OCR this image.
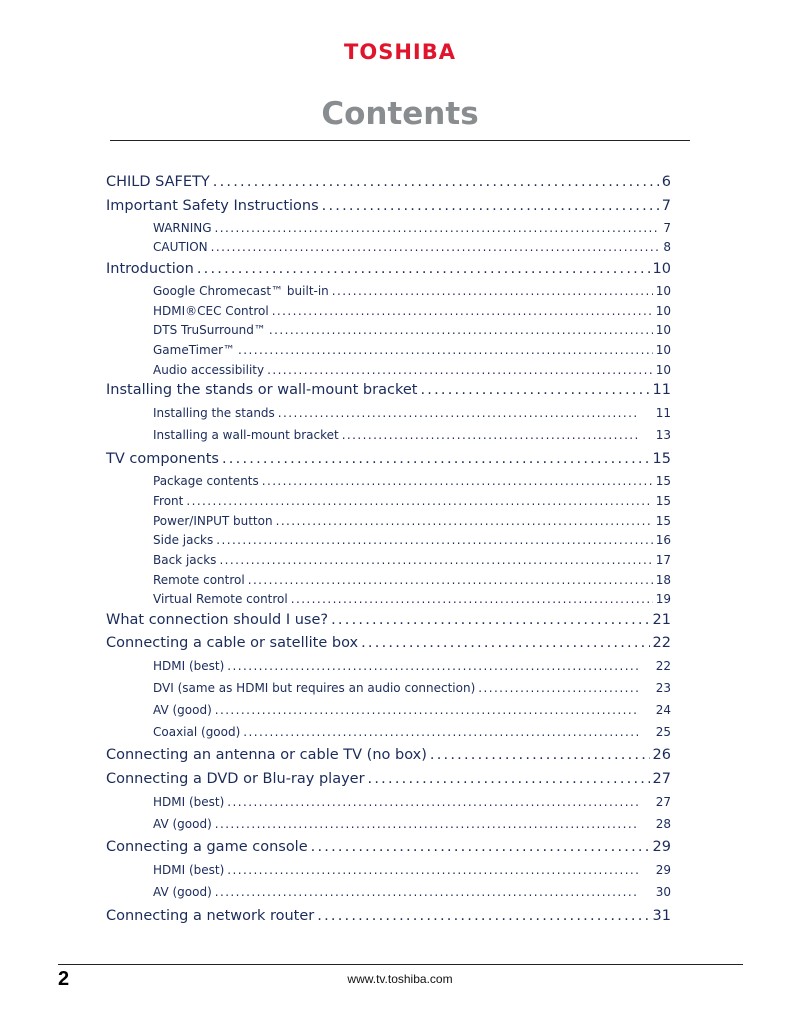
TOSHIBA
Contents
CHILD SAFETY . . .	6
Important Safety Instructions . . .	7
WARNING . . .	7
CAUTION . . .	8
Introduction . . .	10
Google Chromecast™ built-in . . .	10
HDMI®CEC Control . . .	10
DTS TruSurround™ . . .	10
GameTimer™ . . .	10
Audio accessibility . . .	10
Installing the stands or wall-mount bracket . . .	11
Installing the stands . . .	11
Installing a wall-mount bracket . . .	13
TV components . . .	15
Package contents . . .	15
Front . . .	15
Power/INPUT button . . .	15
Side jacks . . .	16
Back jacks . . .	17
Remote control . . .	18
Virtual Remote control . . .	19
What connection should I use? . . .	21
Connecting a cable or satellite box . . .	22
HDMI (best) . . .	22
DVI (same as HDMI but requires an audio connection) . . .	23
AV (good) . . .	24
Coaxial (good) . . .	25
Connecting an antenna or cable TV (no box) . . .	26
Connecting a DVD or Blu-ray player . . .	27
HDMI (best) . . .	27
AV (good) . . .	28
Connecting a game console . . .	29
HDMI (best) . . .	29
AV (good) . . .	30
Connecting a network router . . .	31
2	www.tv.toshiba.com
